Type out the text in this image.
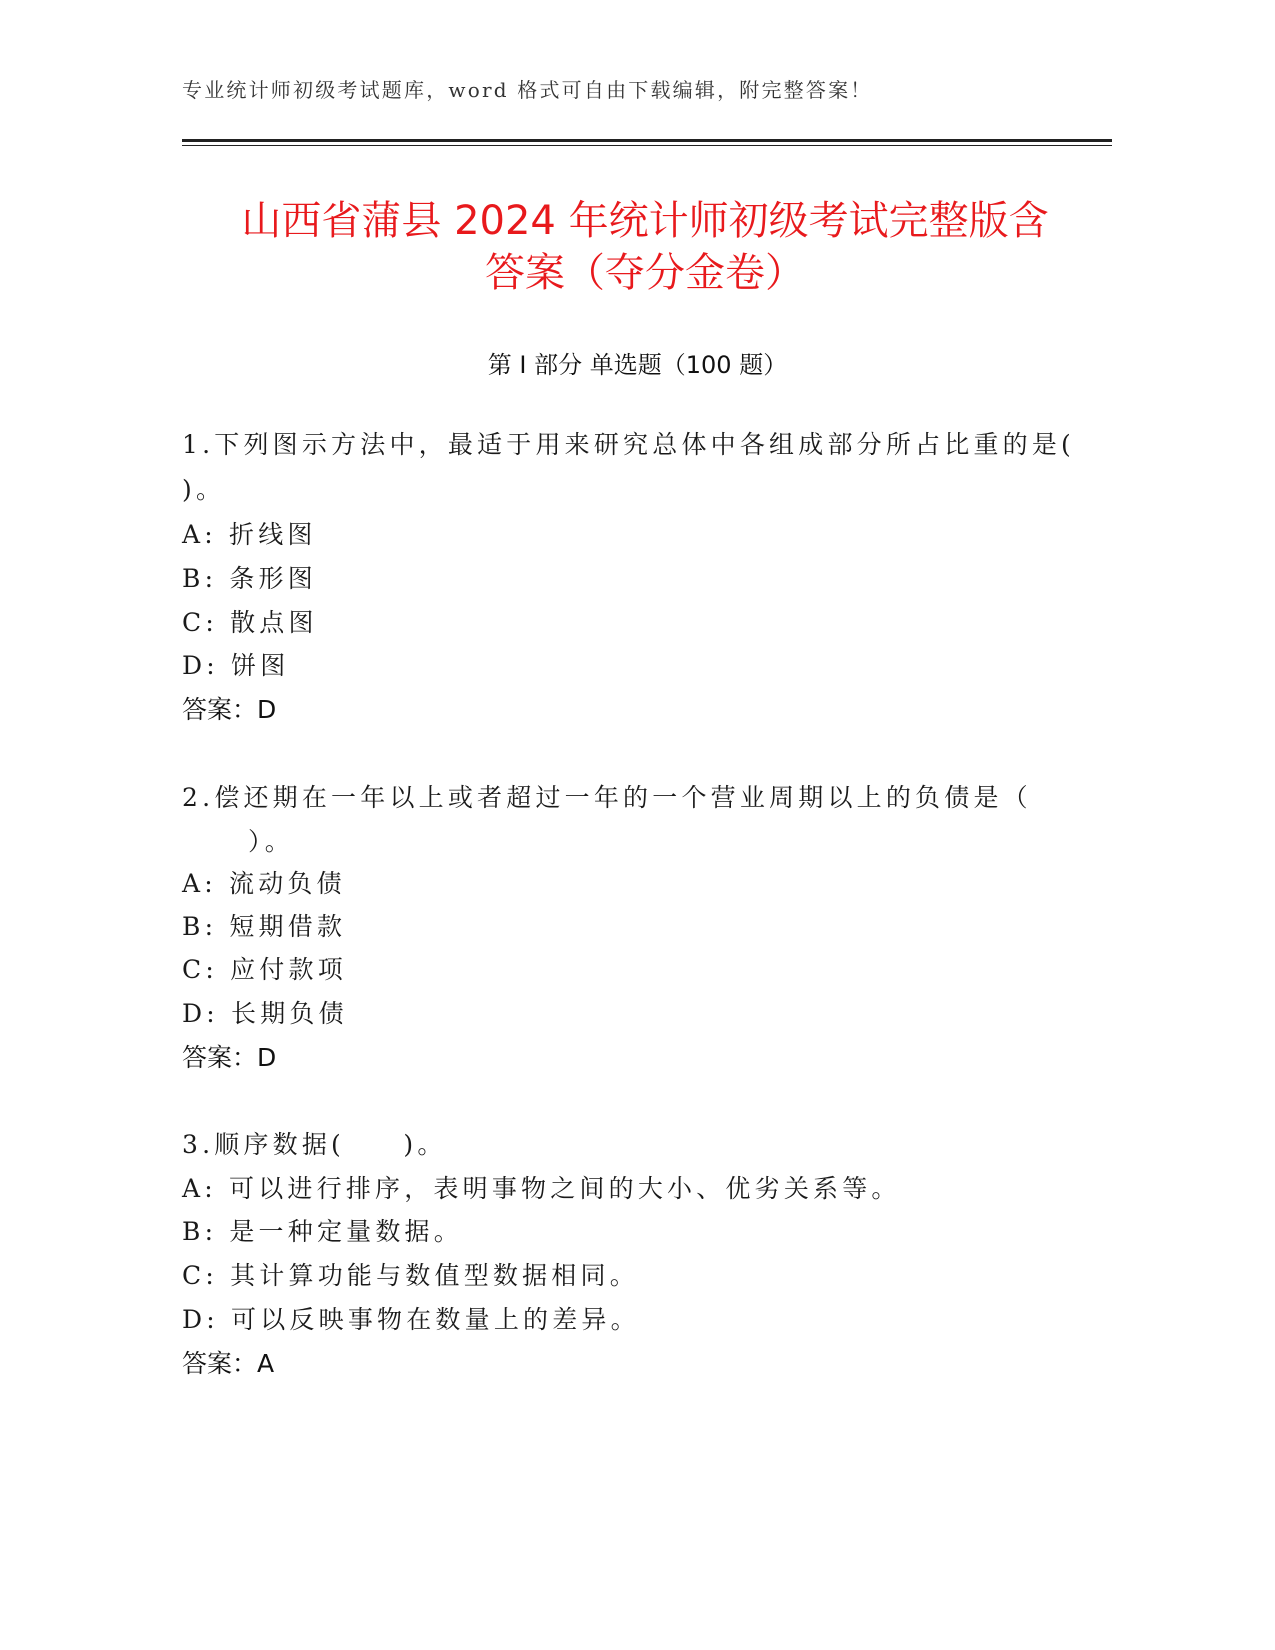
专业统计师初级考试题库，word 格式可自由下载编辑，附完整答案！
山西省蒲县 2024 年统计师初级考试完整版含
答案（夺分金卷）
第 I 部分 单选题（100 题）
1.下列图示方法中，最适于用来研究总体中各组成部分所占比重的是(
)。
A: 折线图
B: 条形图
C: 散点图
D: 饼图
答案：D
2.偿还期在一年以上或者超过一年的一个营业周期以上的负债是（
）。
A: 流动负债
B: 短期借款
C: 应付款项
D: 长期负债
答案：D
3.顺序数据(　　)。
A: 可以进行排序，表明事物之间的大小、优劣关系等。
B: 是一种定量数据。
C: 其计算功能与数值型数据相同。
D: 可以反映事物在数量上的差异。
答案：A
